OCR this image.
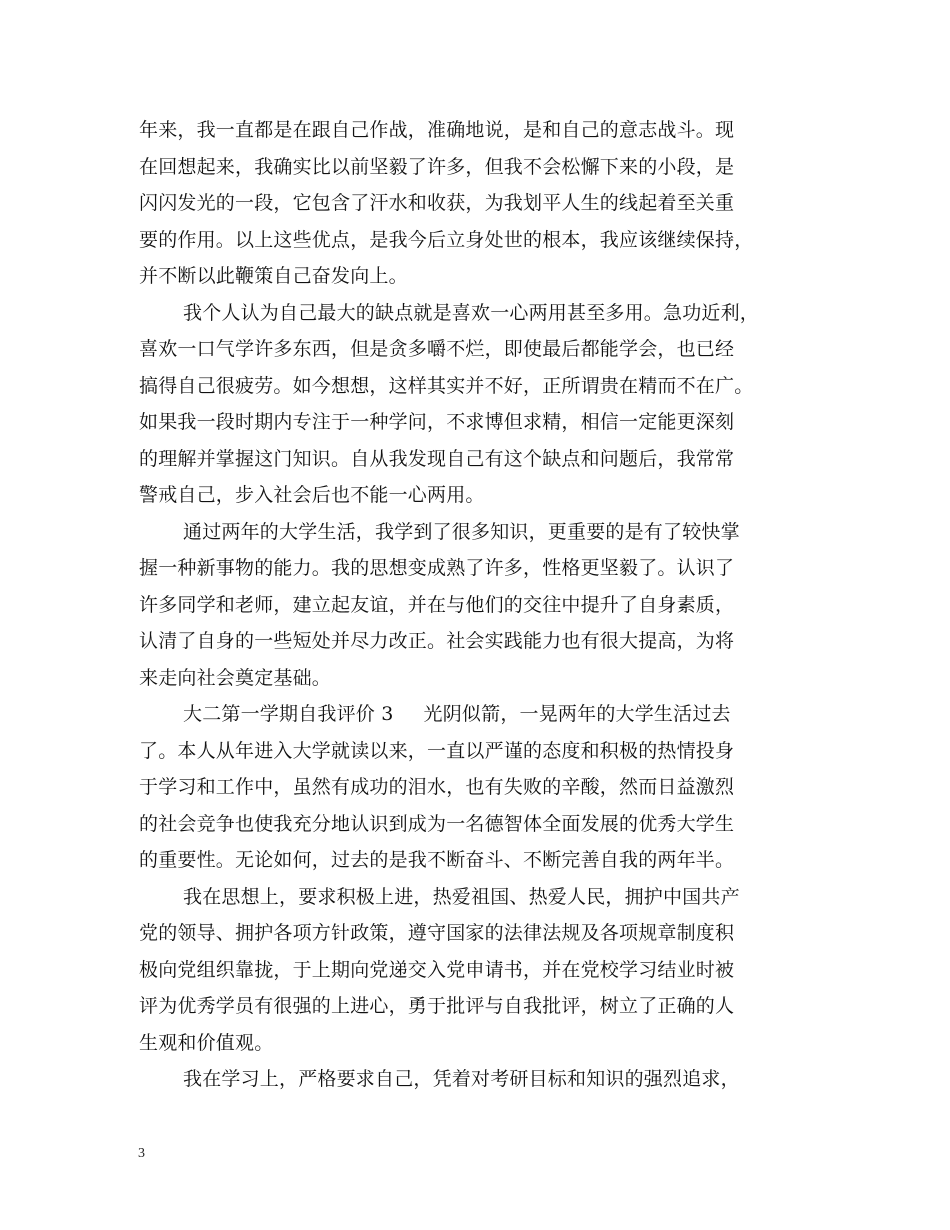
年来，我一直都是在跟自己作战，准确地说，是和自己的意志战斗。现
在回想起来，我确实比以前坚毅了许多，但我不会松懈下来的小段，是
闪闪发光的一段，它包含了汗水和收获，为我划平人生的线起着至关重
要的作用。以上这些优点，是我今后立身处世的根本，我应该继续保持，
并不断以此鞭策自己奋发向上。
我个人认为自己最大的缺点就是喜欢一心两用甚至多用。急功近利，
喜欢一口气学许多东西，但是贪多嚼不烂，即使最后都能学会，也已经
搞得自己很疲劳。如今想想，这样其实并不好，正所谓贵在精而不在广。
如果我一段时期内专注于一种学问，不求博但求精，相信一定能更深刻
的理解并掌握这门知识。自从我发现自己有这个缺点和问题后，我常常
警戒自己，步入社会后也不能一心两用。
通过两年的大学生活，我学到了很多知识，更重要的是有了较快掌
握一种新事物的能力。我的思想变成熟了许多，性格更坚毅了。认识了
许多同学和老师，建立起友谊，并在与他们的交往中提升了自身素质，
认清了自身的一些短处并尽力改正。社会实践能力也有很大提高，为将
来走向社会奠定基础。
大二第一学期自我评价 3 光阴似箭，一晃两年的大学生活过去
了。本人从年进入大学就读以来，一直以严谨的态度和积极的热情投身
于学习和工作中，虽然有成功的泪水，也有失败的辛酸，然而日益激烈
的社会竞争也使我充分地认识到成为一名德智体全面发展的优秀大学生
的重要性。无论如何，过去的是我不断奋斗、不断完善自我的两年半。
我在思想上，要求积极上进，热爱祖国、热爱人民，拥护中国共产
党的领导、拥护各项方针政策，遵守国家的法律法规及各项规章制度积
极向党组织靠拢，于上期向党递交入党申请书，并在党校学习结业时被
评为优秀学员有很强的上进心，勇于批评与自我批评，树立了正确的人
生观和价值观。
我在学习上，严格要求自己，凭着对考研目标和知识的强烈追求，
3
